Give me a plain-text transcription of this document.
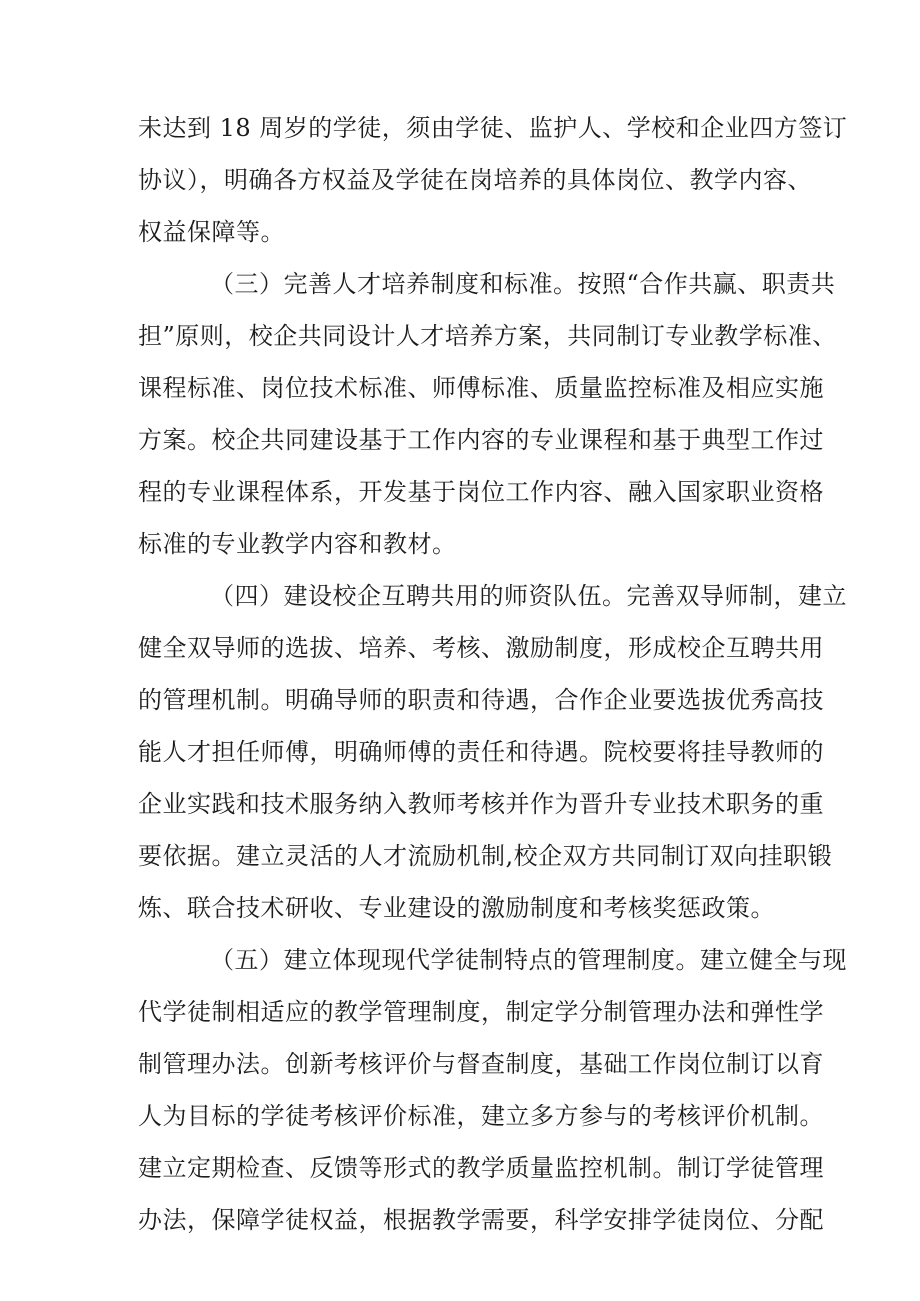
未达到 18 周岁的学徒，须由学徒、监护人、学校和企业四方签订
协议），明确各方权益及学徒在岗培养的具体岗位、教学内容、
权益保障等。
（三）完善人才培养制度和标准。按照“合作共赢、职责共
担”原则，校企共同设计人才培养方案，共同制订专业教学标准、
课程标准、岗位技术标准、师傅标准、质量监控标准及相应实施
方案。校企共同建设基于工作内容的专业课程和基于典型工作过
程的专业课程体系，开发基于岗位工作内容、融入国家职业资格
标准的专业教学内容和教材。
（四）建设校企互聘共用的师资队伍。完善双导师制，建立
健全双导师的选拔、培养、考核、激励制度，形成校企互聘共用
的管理机制。明确导师的职责和待遇，合作企业要选拔优秀高技
能人才担任师傅，明确师傅的责任和待遇。院校要将挂导教师的
企业实践和技术服务纳入教师考核并作为晋升专业技术职务的重
要依据。建立灵活的人才流励机制,校企双方共同制订双向挂职锻
炼、联合技术研收、专业建设的激励制度和考核奖惩政策。
（五）建立体现现代学徒制特点的管理制度。建立健全与现
代学徒制相适应的教学管理制度，制定学分制管理办法和弹性学
制管理办法。创新考核评价与督查制度，基础工作岗位制订以育
人为目标的学徒考核评价标准，建立多方参与的考核评价机制。
建立定期检查、反馈等形式的教学质量监控机制。制订学徒管理
办法，保障学徒权益，根据教学需要，科学安排学徒岗位、分配
